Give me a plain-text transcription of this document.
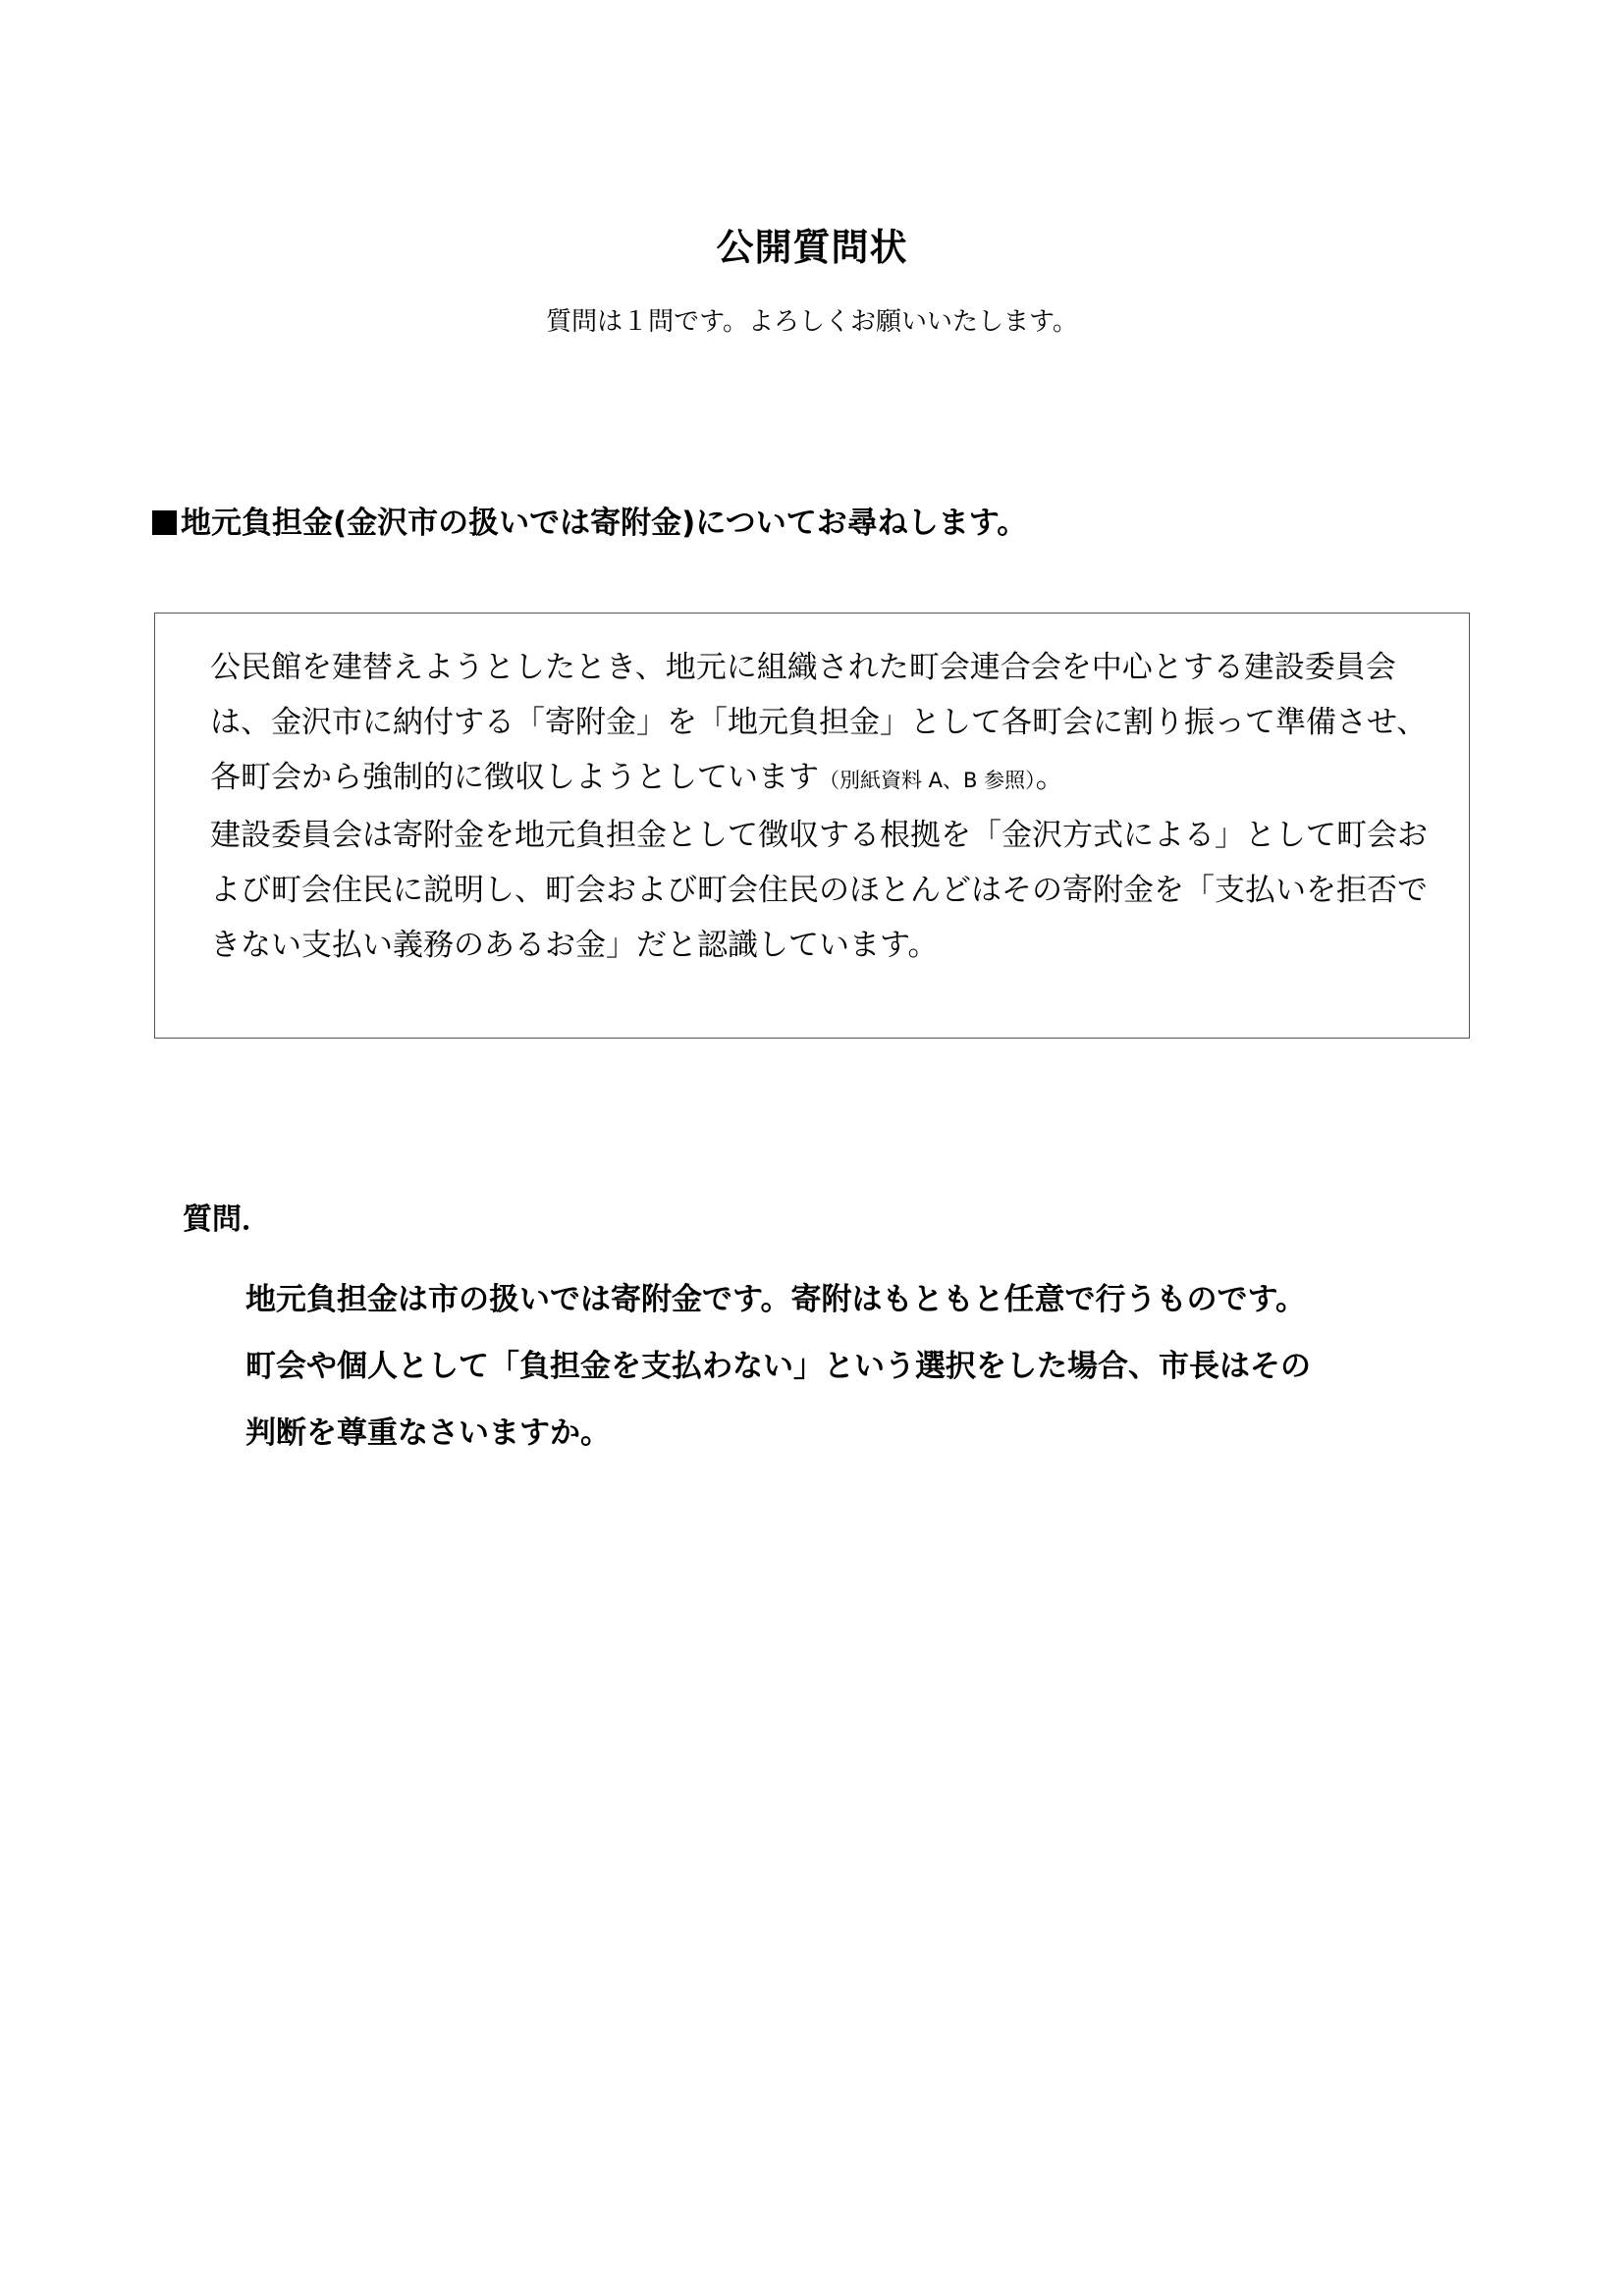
公開質問状
質問は１問です。よろしくお願いいたします。
地元負担金(金沢市の扱いでは寄附金)についてお尋ねします。

公民館を建替えようとしたとき、地元に組織された町会連合会を中心とする建設委員会は、金沢市に納付する「寄附金」を「地元負担金」として各町会に割り振って準備させ、各町会から強制的に徴収しようとしています（別紙資料 A、B 参照）。

建設委員会は寄附金を地元負担金として徴収する根拠を「金沢方式による」として町会および町会住民に説明し、町会および町会住民のほとんどはその寄附金を「支払いを拒否できない支払い義務のあるお金」だと認識しています。

質問．

地元負担金は市の扱いでは寄附金です。寄附はもともと任意で行うものです。

町会や個人として「負担金を支払わない」という選択をした場合、市長はその

判断を尊重なさいますか。
